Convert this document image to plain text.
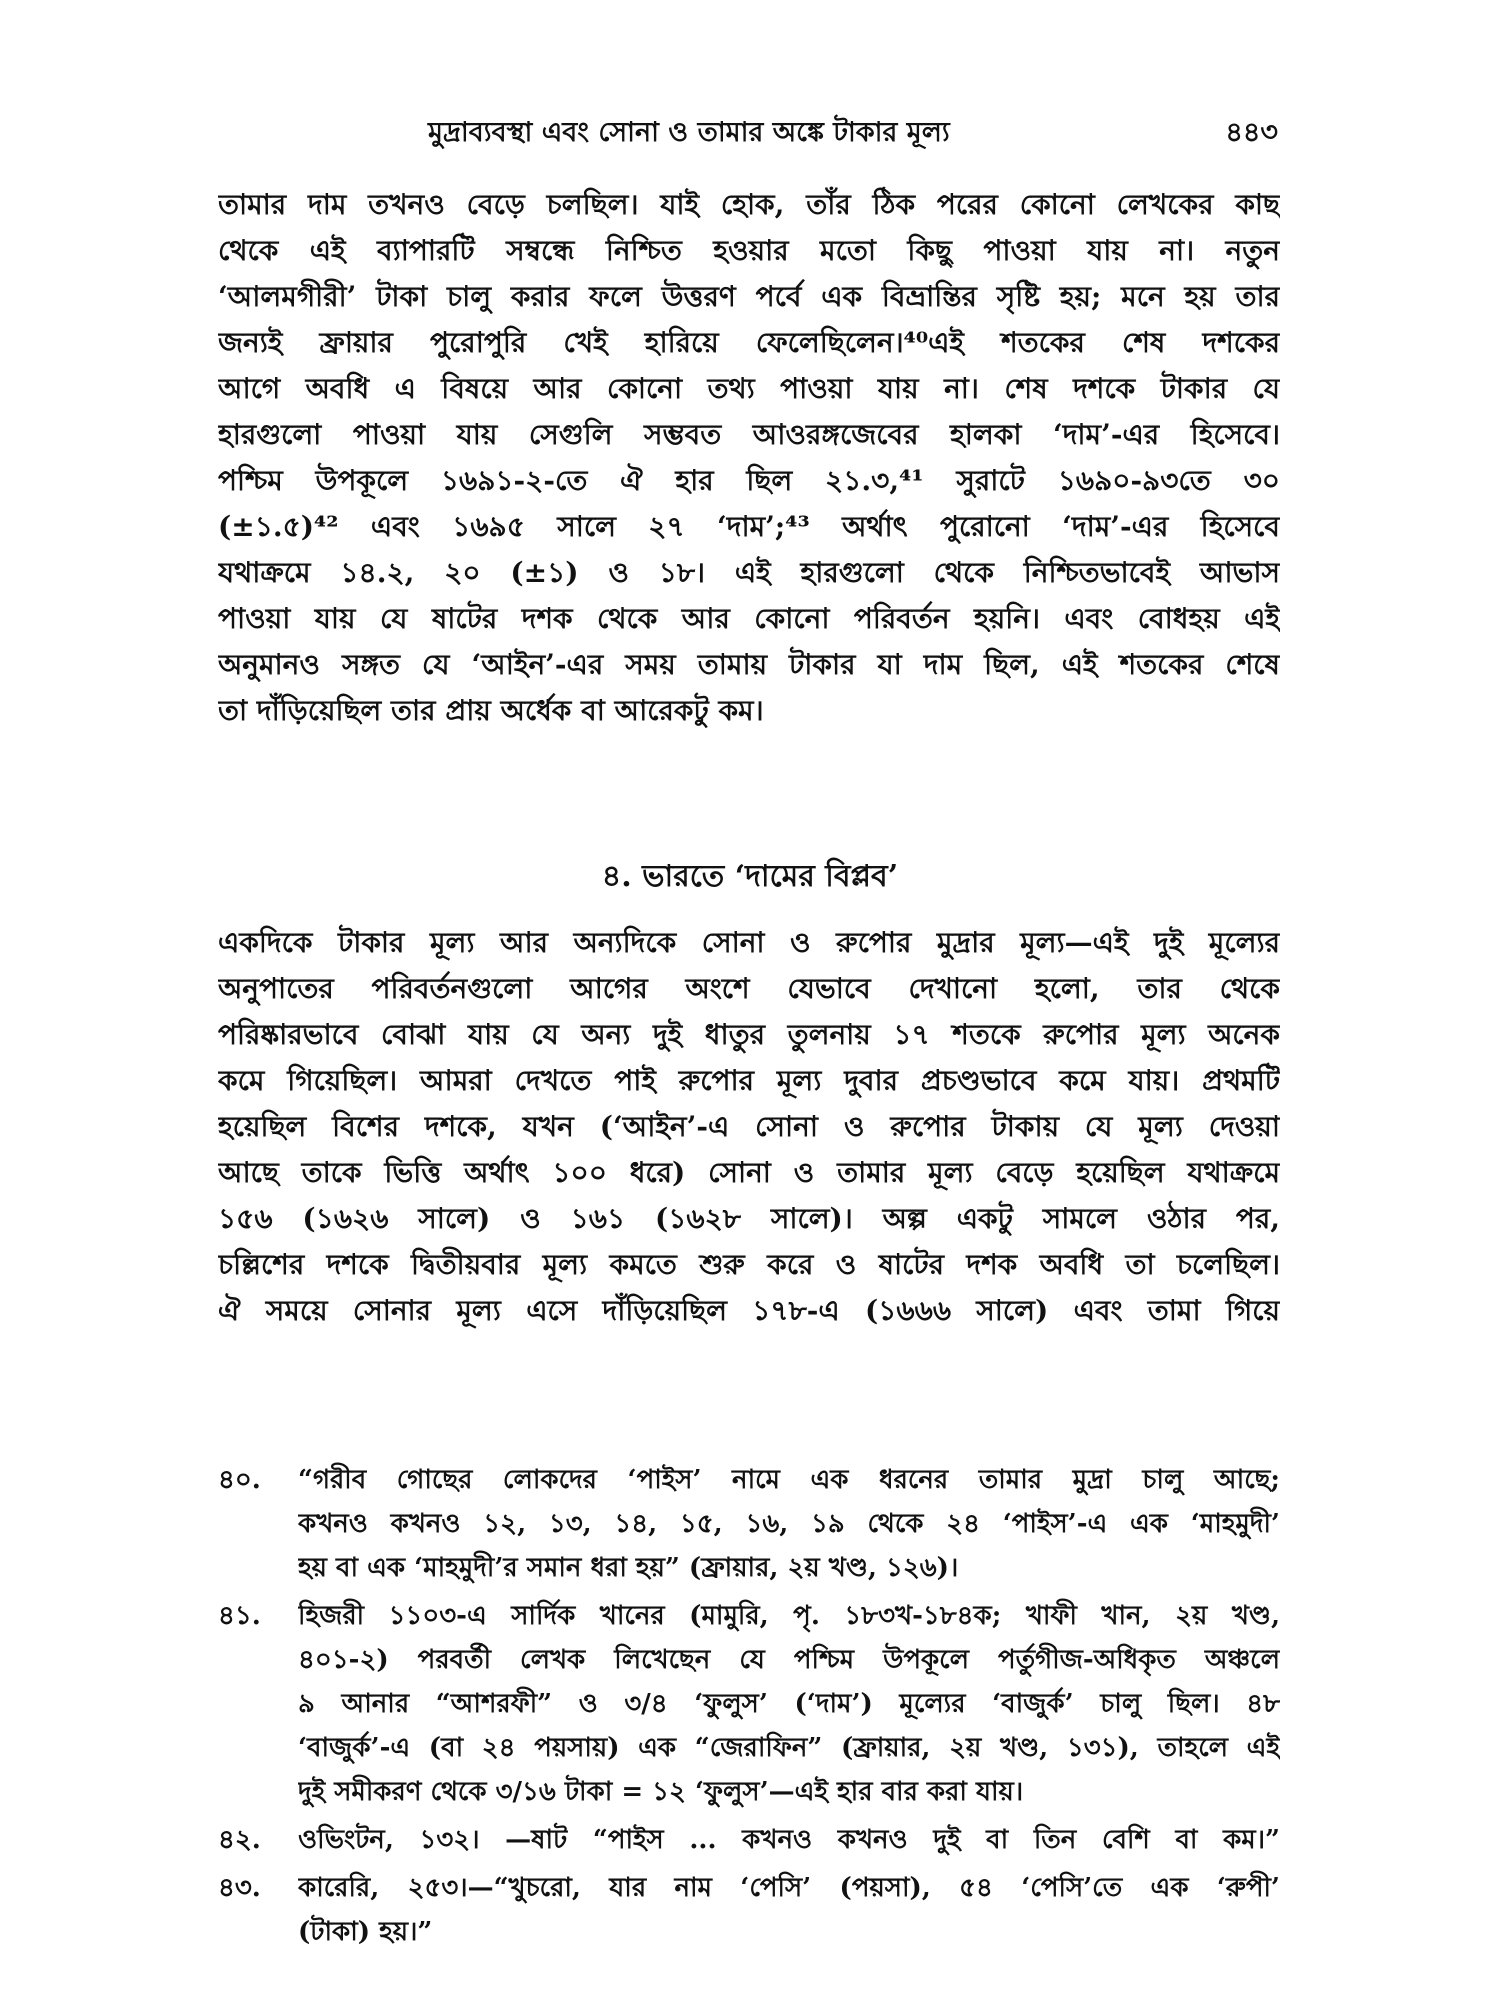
মুদ্রাব্যবস্থা এবং সোনা ও তামার অঙ্কে টাকার মূল্য	৪৪৩
তামার দাম তখনও বেড়ে চলছিল। যাই হোক, তাঁর ঠিক পরের কোনো লেখকের কাছ
থেকে এই ব্যাপারটি সম্বন্ধে নিশ্চিত হওয়ার মতো কিছু পাওয়া যায় না। নতুন
‘আলমগীরী’ টাকা চালু করার ফলে উত্তরণ পর্বে এক বিভ্রান্তির সৃষ্টি হয়; মনে হয় তার
জন্যই ফ্রায়ার পুরোপুরি খেই হারিয়ে ফেলেছিলেন।⁴⁰এই শতকের শেষ দশকের
আগে অবধি এ বিষয়ে আর কোনো তথ্য পাওয়া যায় না। শেষ দশকে টাকার যে
হারগুলো পাওয়া যায় সেগুলি সম্ভবত আওরঙ্গজেবের হালকা ‘দাম’-এর হিসেবে।
পশ্চিম উপকূলে ১৬৯১-২-তে ঐ হার ছিল ২১.৩,⁴¹ সুরাটে ১৬৯০-৯৩তে ৩০
(±১.৫)⁴² এবং ১৬৯৫ সালে ২৭ ‘দাম’;⁴³ অর্থাৎ পুরোনো ‘দাম’-এর হিসেবে
যথাক্রমে ১৪.২, ২০ (±১) ও ১৮। এই হারগুলো থেকে নিশ্চিতভাবেই আভাস
পাওয়া যায় যে ষাটের দশক থেকে আর কোনো পরিবর্তন হয়নি। এবং বোধহয় এই
অনুমানও সঙ্গত যে ‘আইন’-এর সময় তামায় টাকার যা দাম ছিল, এই শতকের শেষে
তা দাঁড়িয়েছিল তার প্রায় অর্ধেক বা আরেকটু কম।
৪. ভারতে ‘দামের বিপ্লব’
একদিকে টাকার মূল্য আর অন্যদিকে সোনা ও রুপোর মুদ্রার মূল্য—এই দুই মূল্যের
অনুপাতের পরিবর্তনগুলো আগের অংশে যেভাবে দেখানো হলো, তার থেকে
পরিষ্কারভাবে বোঝা যায় যে অন্য দুই ধাতুর তুলনায় ১৭ শতকে রুপোর মূল্য অনেক
কমে গিয়েছিল। আমরা দেখতে পাই রুপোর মূল্য দুবার প্রচণ্ডভাবে কমে যায়। প্রথমটি
হয়েছিল বিশের দশকে, যখন (‘আইন’-এ সোনা ও রুপোর টাকায় যে মূল্য দেওয়া
আছে তাকে ভিত্তি অর্থাৎ ১০০ ধরে) সোনা ও তামার মূল্য বেড়ে হয়েছিল যথাক্রমে
১৫৬ (১৬২৬ সালে) ও ১৬১ (১৬২৮ সালে)। অল্প একটু সামলে ওঠার পর,
চল্লিশের দশকে দ্বিতীয়বার মূল্য কমতে শুরু করে ও ষাটের দশক অবধি তা চলেছিল।
ঐ সময়ে সোনার মূল্য এসে দাঁড়িয়েছিল ১৭৮-এ (১৬৬৬ সালে) এবং তামা গিয়ে
৪০.	“গরীব গোছের লোকদের ‘পাইস’ নামে এক ধরনের তামার মুদ্রা চালু আছে;
কখনও কখনও ১২, ১৩, ১৪, ১৫, ১৬, ১৯ থেকে ২৪ ‘পাইস’-এ এক ‘মাহমুদী’
হয় বা এক ‘মাহমুদী’র সমান ধরা হয়” (ফ্রায়ার, ২য় খণ্ড, ১২৬)।
৪১.	হিজরী ১১০৩-এ সার্দিক খানের (মামুরি, পৃ. ১৮৩খ-১৮৪ক; খাফী খান, ২য় খণ্ড,
৪০১-২) পরবর্তী লেখক লিখেছেন যে পশ্চিম উপকূলে পর্তুগীজ-অধিকৃত অঞ্চলে
৯ আনার “আশরফী” ও ৩/৪ ‘ফুলুস’ (‘দাম’) মূল্যের ‘বাজুর্ক’ চালু ছিল। ৪৮
‘বাজুর্ক’-এ (বা ২৪ পয়সায়) এক “জেরাফিন” (ফ্রায়ার, ২য় খণ্ড, ১৩১), তাহলে এই
দুই সমীকরণ থেকে ৩/১৬ টাকা = ১২ ‘ফুলুস’—এই হার বার করা যায়।
৪২.	ওভিংটন, ১৩২। —ষাট “পাইস ... কখনও কখনও দুই বা তিন বেশি বা কম।”
৪৩.	কারেরি, ২৫৩।—“খুচরো, যার নাম ‘পেসি’ (পয়সা), ৫৪ ‘পেসি’তে এক ‘রুপী’
(টাকা) হয়।”
